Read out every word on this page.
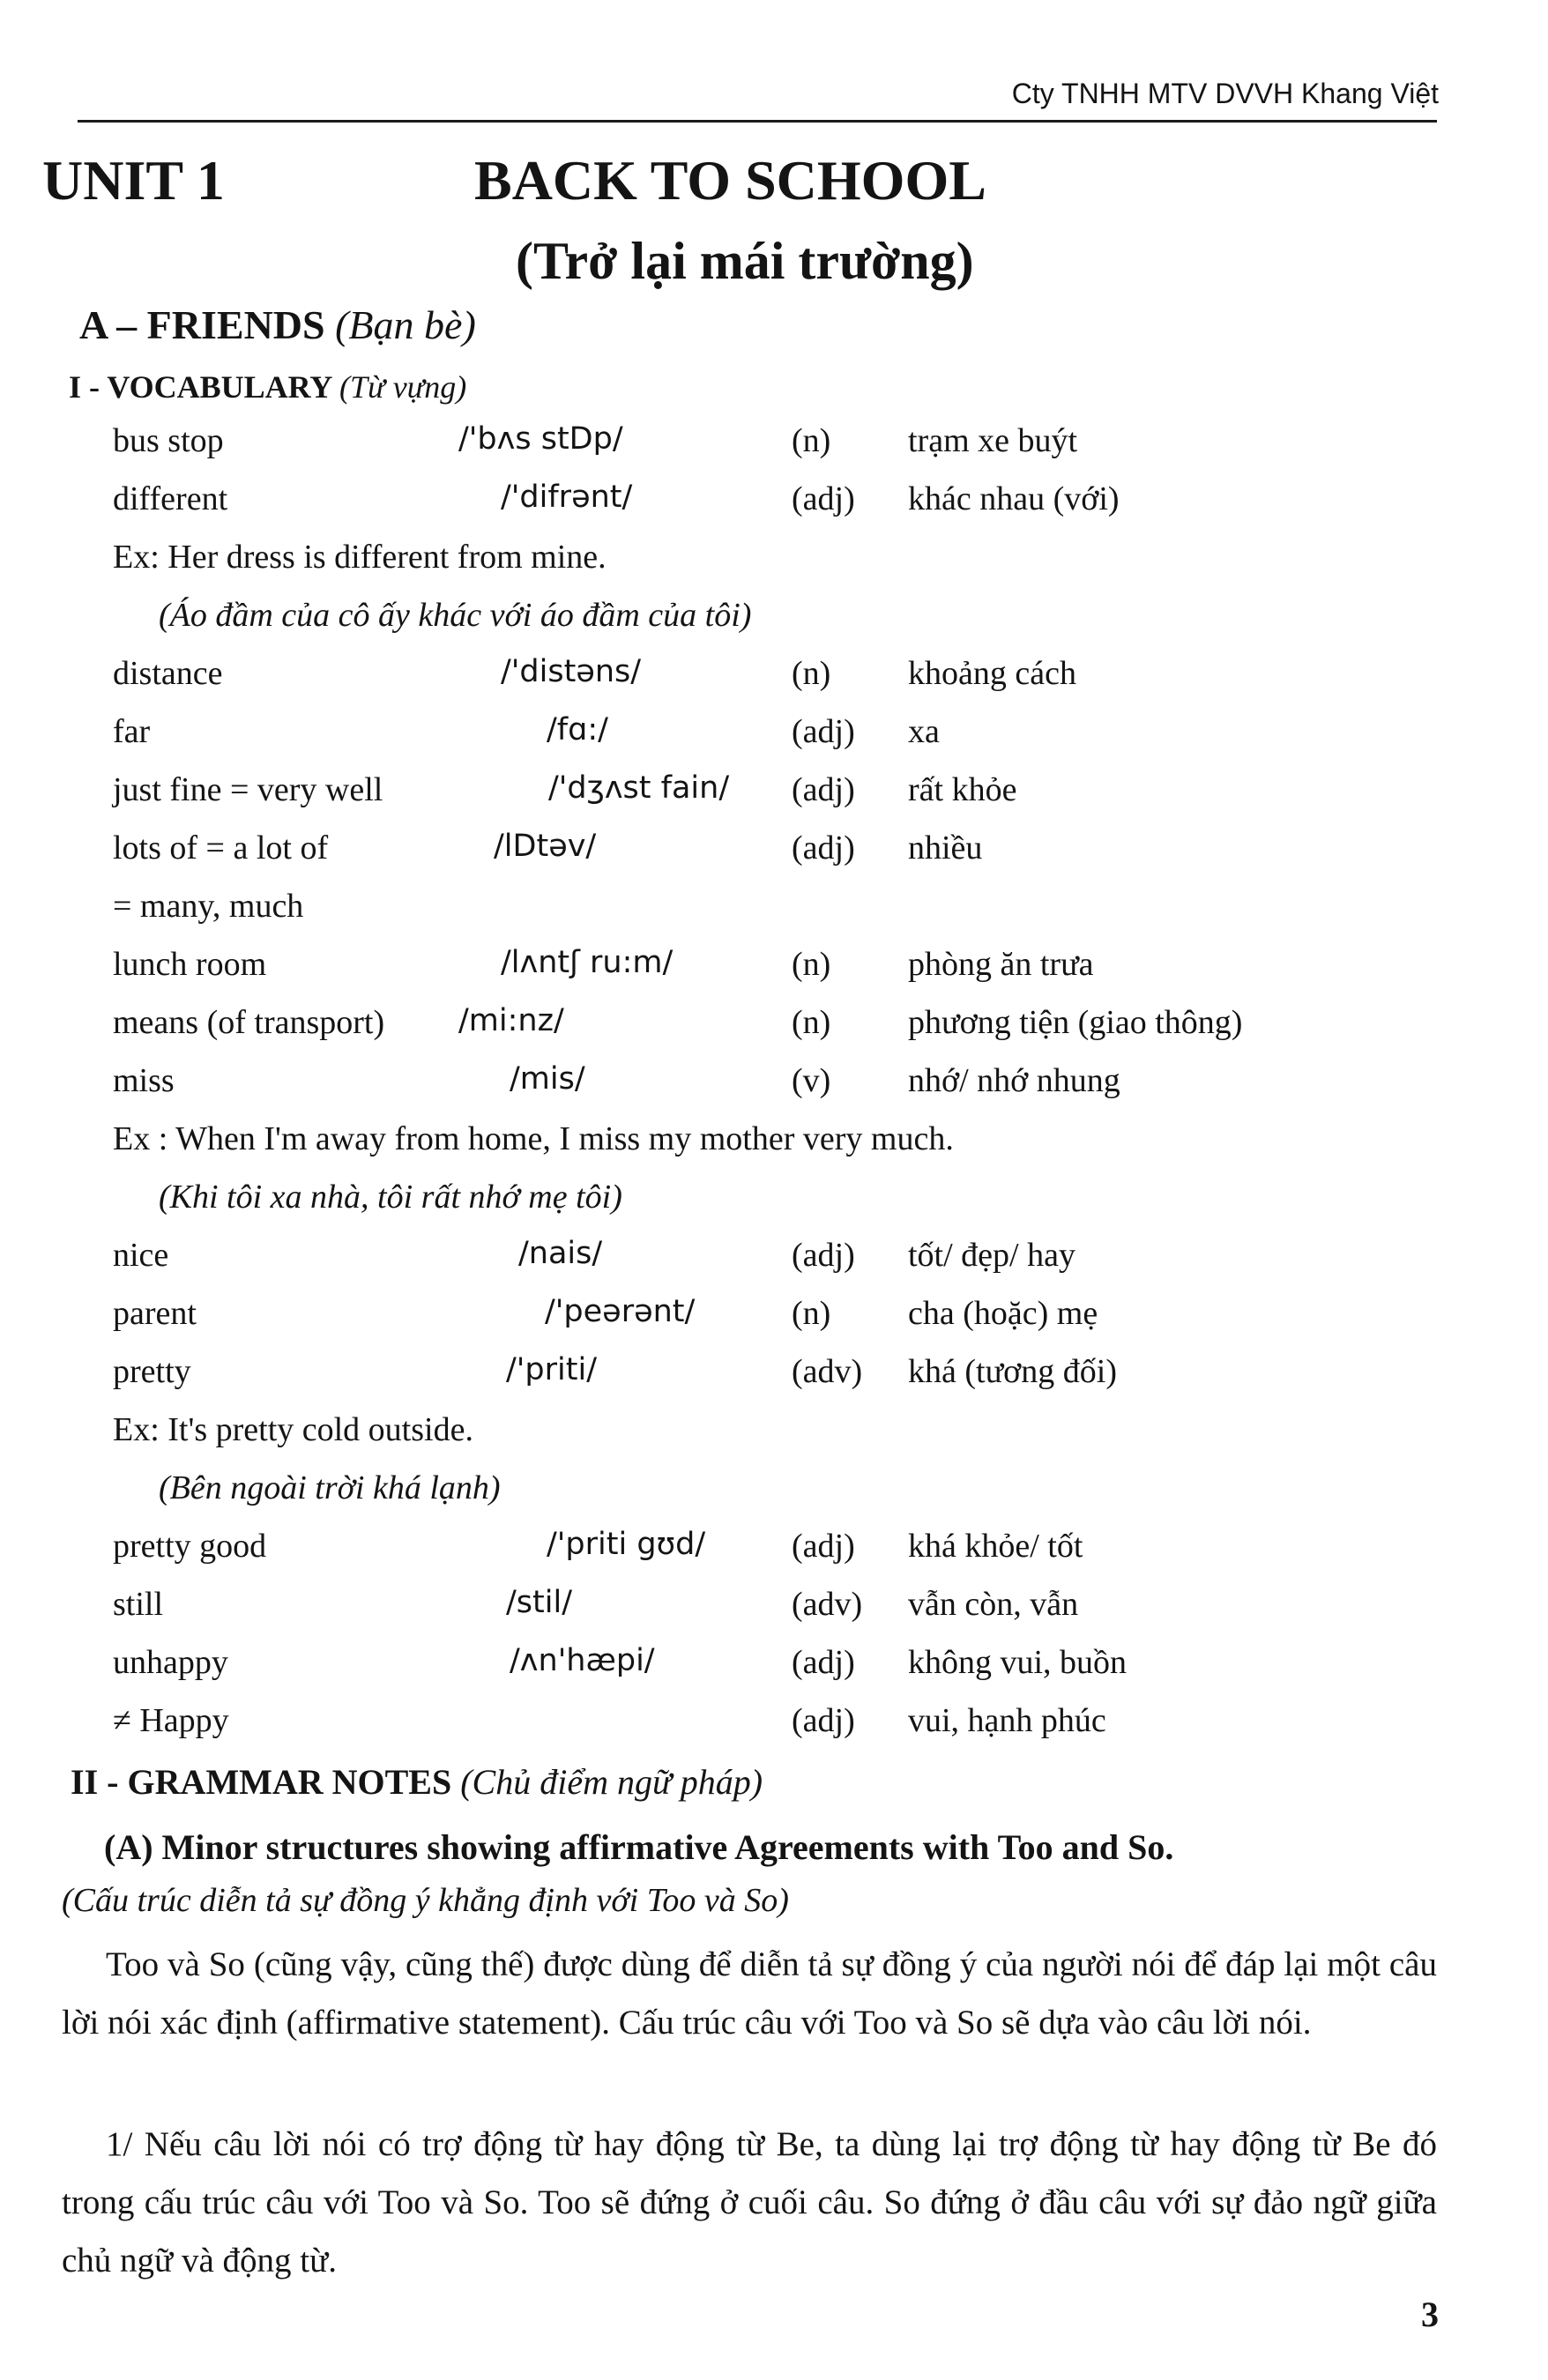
Cty TNHH MTV DVVH Khang Việt
UNIT 1	BACK TO SCHOOL
(Trở lại mái trường)
A – FRIENDS (Bạn bè)
I - VOCABULARY (Từ vựng)
bus stop	/'bʌs stDp/	(n) trạm xe buýt
different	/'difrənt/	(adj) khác nhau (với)
Ex: Her dress is different from mine.
(Áo đầm của cô ấy khác với áo đầm của tôi)
distance	/'distəns/	(n) khoảng cách
far	/fɑ:/	(adj) xa
just fine = very well	/'dʒʌst fain/ (adj) rất khỏe
lots of = a lot of	/lDtəv/	(adj) nhiều
= many, much
lunch room	/lʌntʃ ru:m/	(n) phòng ăn trưa
means (of transport) /mi:nz/	(n) phương tiện (giao thông)
miss	/mis/	(v) nhớ/ nhớ nhung
Ex : When I'm away from home, I miss my mother very much.
(Khi tôi xa nhà, tôi rất nhớ mẹ tôi)
nice	/nais/	(adj) tốt/ đẹp/ hay
parent	/'peərənt/	(n) cha (hoặc) mẹ
pretty	/'priti/	(adv) khá (tương đối)
Ex: It's pretty cold outside.
(Bên ngoài trời khá lạnh)
pretty good	/'priti gʊd/	(adj) khá khỏe/ tốt
still	/stil/	(adv) vẫn còn, vẫn
unhappy	/ʌn'hæpi/	(adj) không vui, buồn
≠ Happy	(adj) vui, hạnh phúc
II - GRAMMAR NOTES (Chủ điểm ngữ pháp)
(A) Minor structures showing affirmative Agreements with Too and So.
(Cấu trúc diễn tả sự đồng ý khẳng định với Too và So)
Too và So (cũng vậy, cũng thế) được dùng để diễn tả sự đồng ý của người nói để đáp lại một câu lời nói xác định (affirmative statement). Cấu trúc câu với Too và So sẽ dựa vào câu lời nói.
1/ Nếu câu lời nói có trợ động từ hay động từ Be, ta dùng lại trợ động từ hay động từ Be đó trong cấu trúc câu với Too và So. Too sẽ đứng ở cuối câu. So đứng ở đầu câu với sự đảo ngữ giữa chủ ngữ và động từ.
3
